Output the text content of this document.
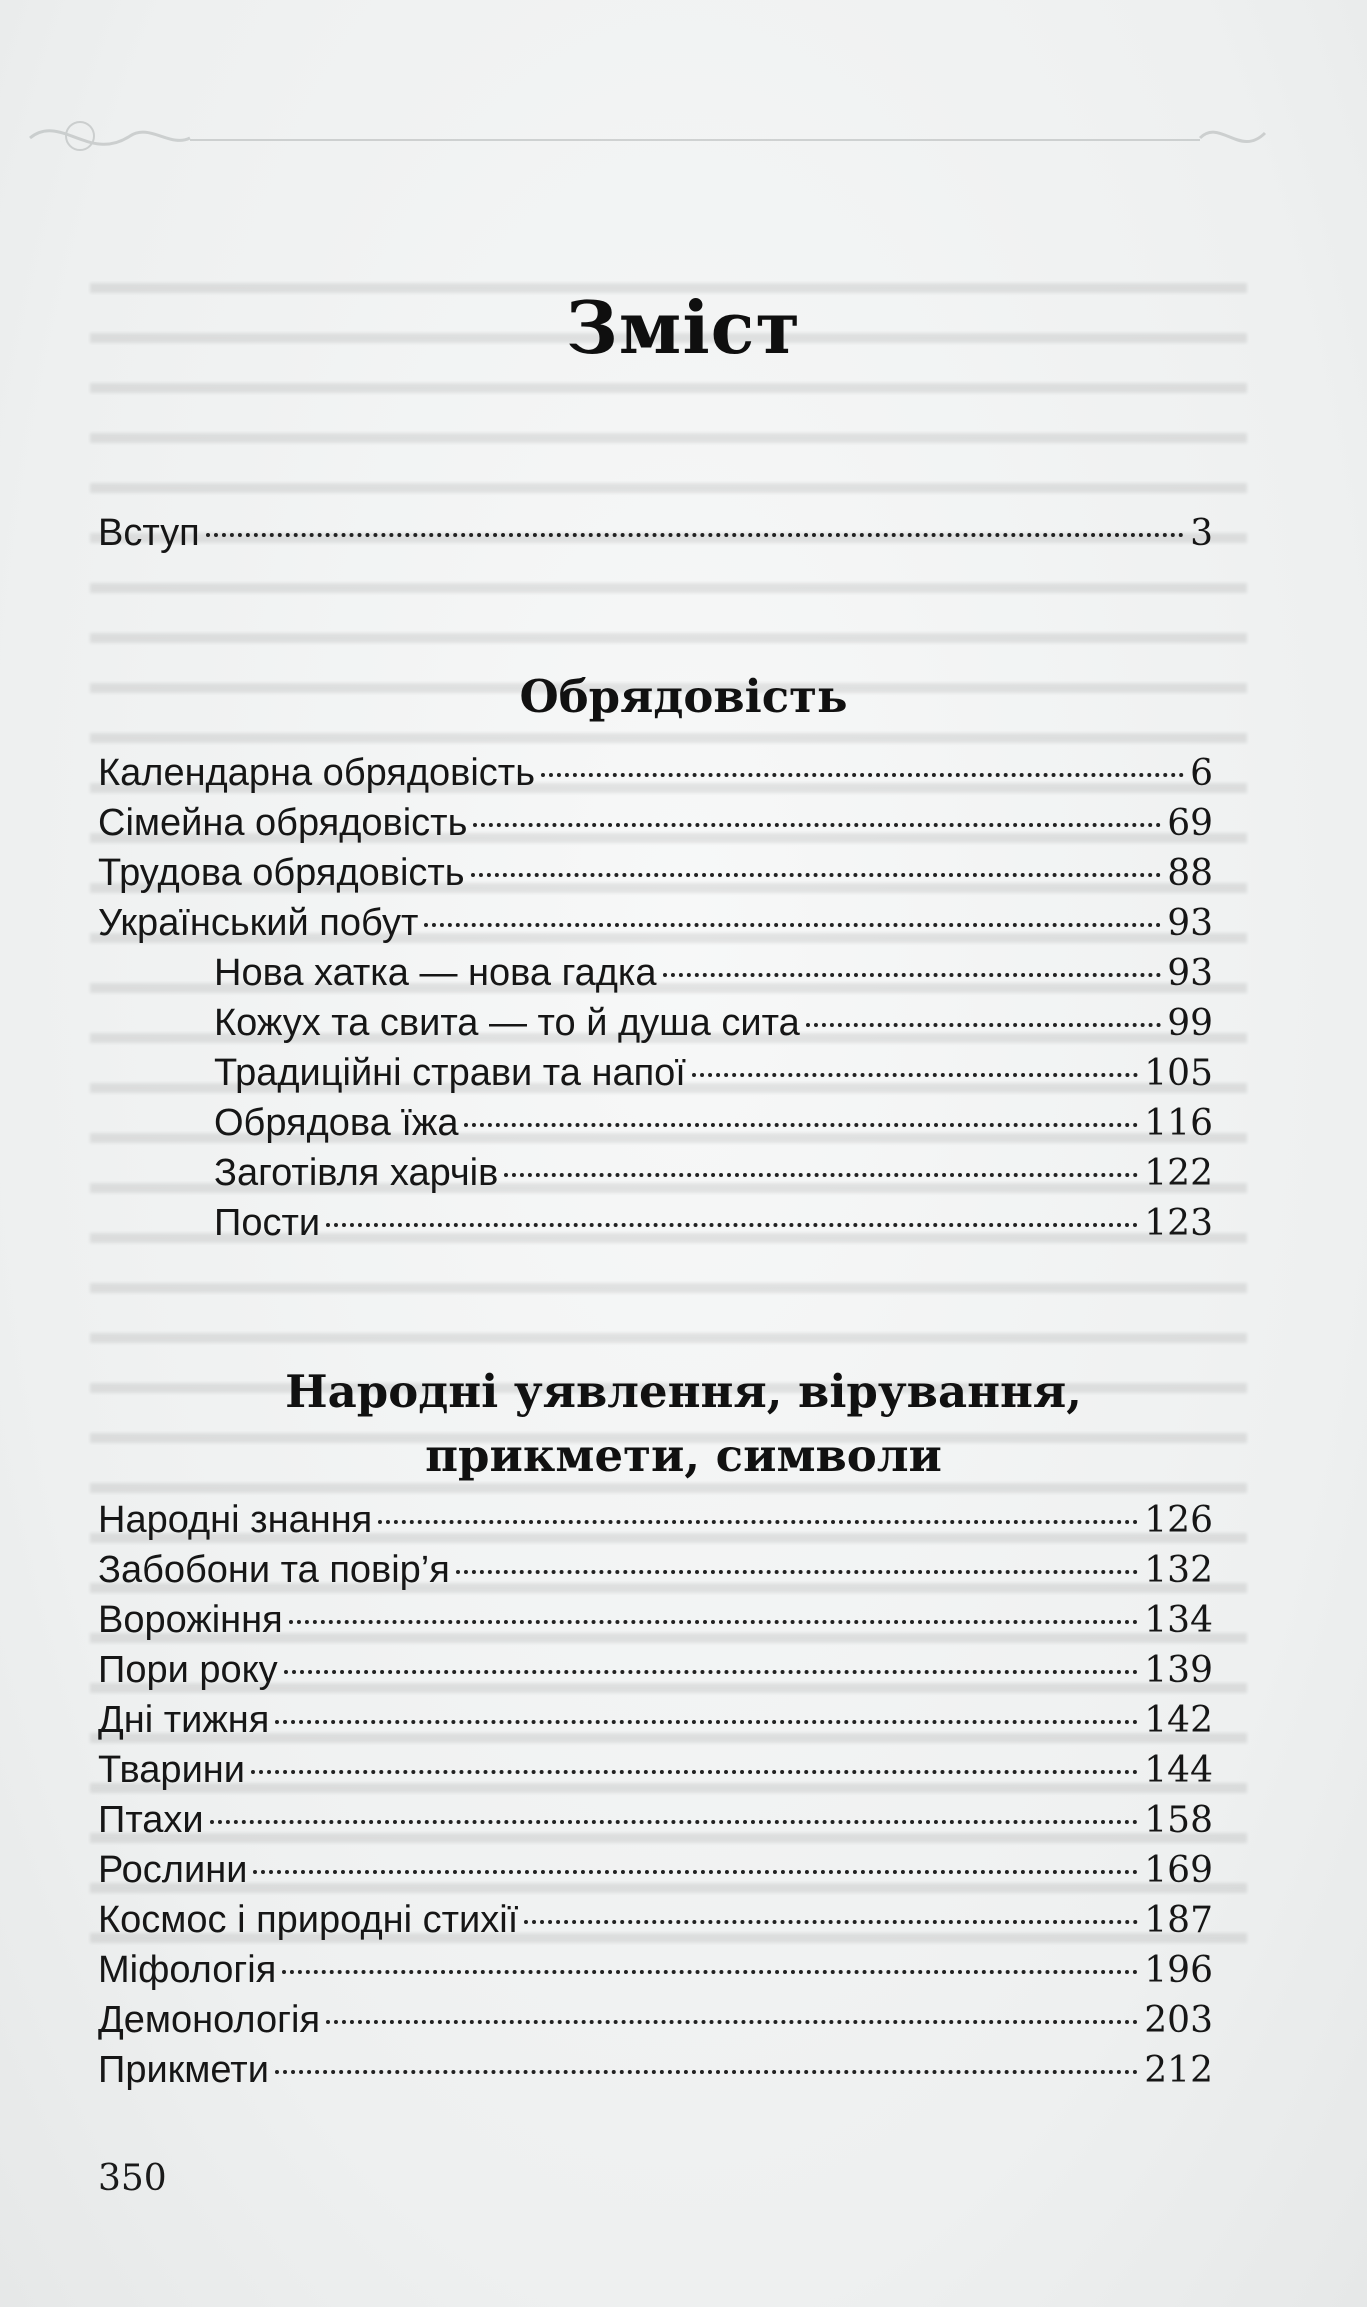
Зміст
Вступ	3
Обрядовість
Календарна обрядовість	6
Сімейна обрядовість	69
Трудова обрядовість	88
Український побут	93
Нова хатка — нова гадка	93
Кожух та свита — то й душа сита	99
Традиційні страви та напої	105
Обрядова їжа	116
Заготівля харчів	122
Пости	123
Народні уявлення, вірування,
прикмети, символи
Народні знання	126
Забобони та повір’я	132
Ворожіння	134
Пори року	139
Дні тижня	142
Тварини	144
Птахи	158
Рослини	169
Космос і природні стихії	187
Міфологія	196
Демонологія	203
Прикмети	212
350
